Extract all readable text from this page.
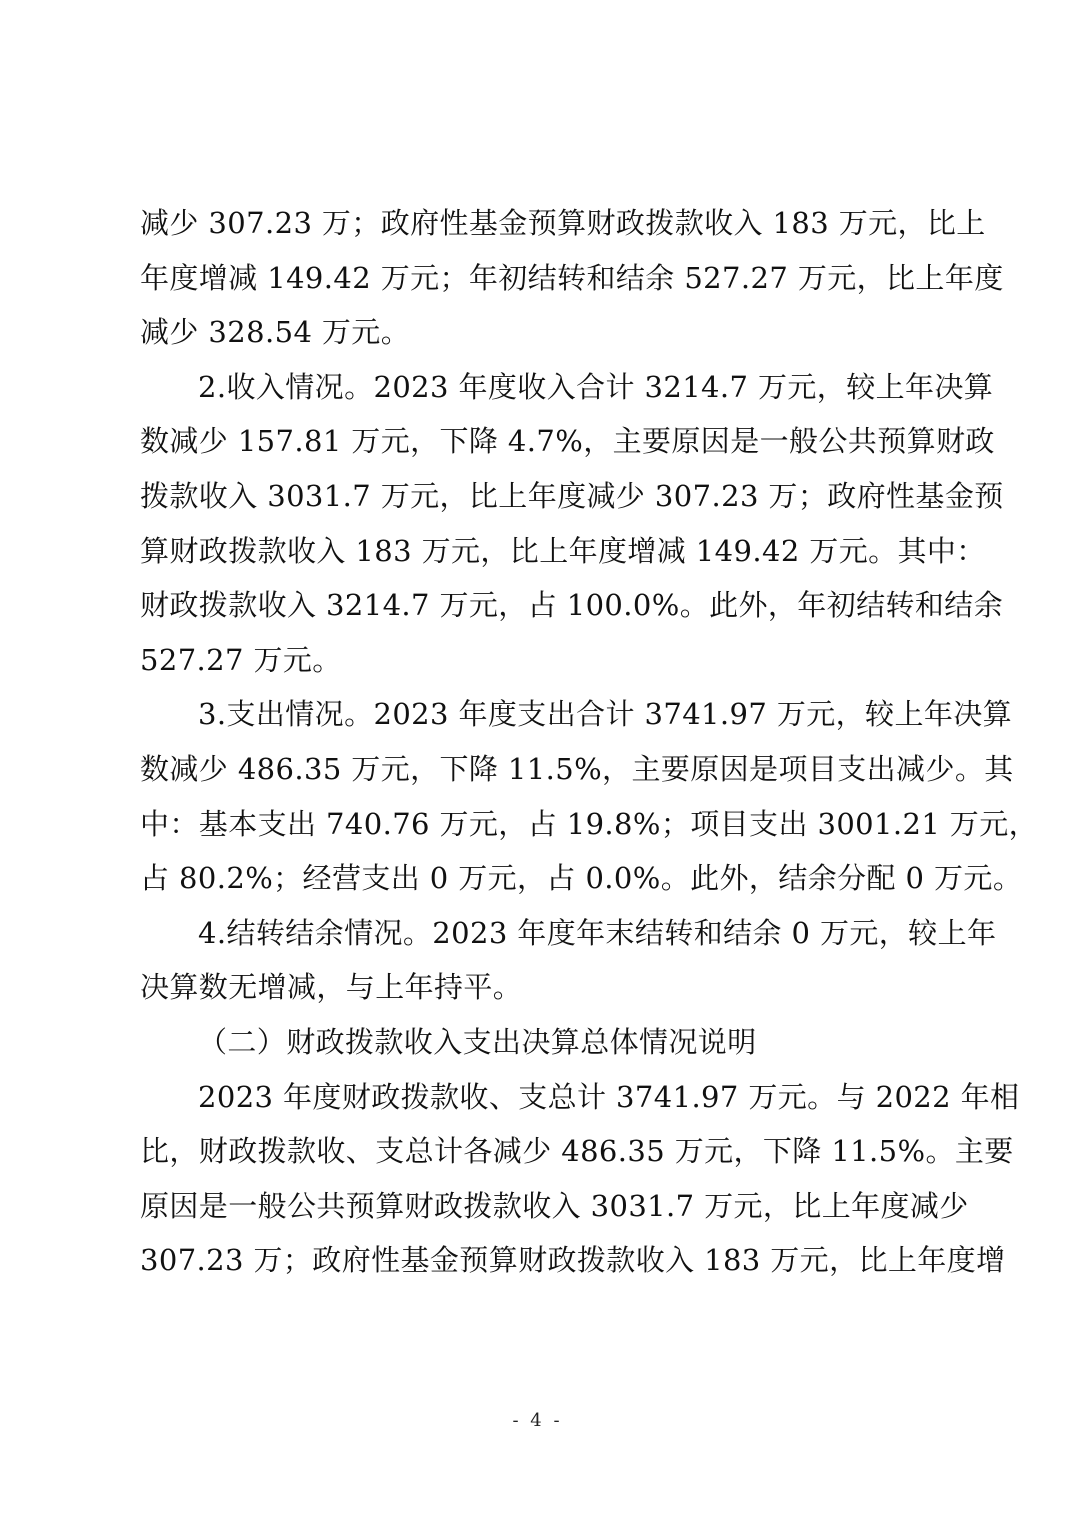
减少 307.23 万；政府性基金预算财政拨款收入 183 万元，比上
年度增减 149.42 万元；年初结转和结余 527.27 万元，比上年度
减少 328.54 万元。
2.收入情况。2023 年度收入合计 3214.7 万元，较上年决算
数减少 157.81 万元，下降 4.7%，主要原因是一般公共预算财政
拨款收入 3031.7 万元，比上年度减少 307.23 万；政府性基金预
算财政拨款收入 183 万元，比上年度增减 149.42 万元。其中：
财政拨款收入 3214.7 万元，占 100.0%。此外，年初结转和结余
527.27 万元。
3.支出情况。2023 年度支出合计 3741.97 万元，较上年决算
数减少 486.35 万元，下降 11.5%，主要原因是项目支出减少。其
中：基本支出 740.76 万元，占 19.8%；项目支出 3001.21 万元，
占 80.2%；经营支出 0 万元，占 0.0%。此外，结余分配 0 万元。
4.结转结余情况。2023 年度年末结转和结余 0 万元，较上年
决算数无增减，与上年持平。
（二）财政拨款收入支出决算总体情况说明
2023 年度财政拨款收、支总计 3741.97 万元。与 2022 年相
比，财政拨款收、支总计各减少 486.35 万元，下降 11.5%。主要
原因是一般公共预算财政拨款收入 3031.7 万元，比上年度减少
307.23 万；政府性基金预算财政拨款收入 183 万元，比上年度增
- 4 -
